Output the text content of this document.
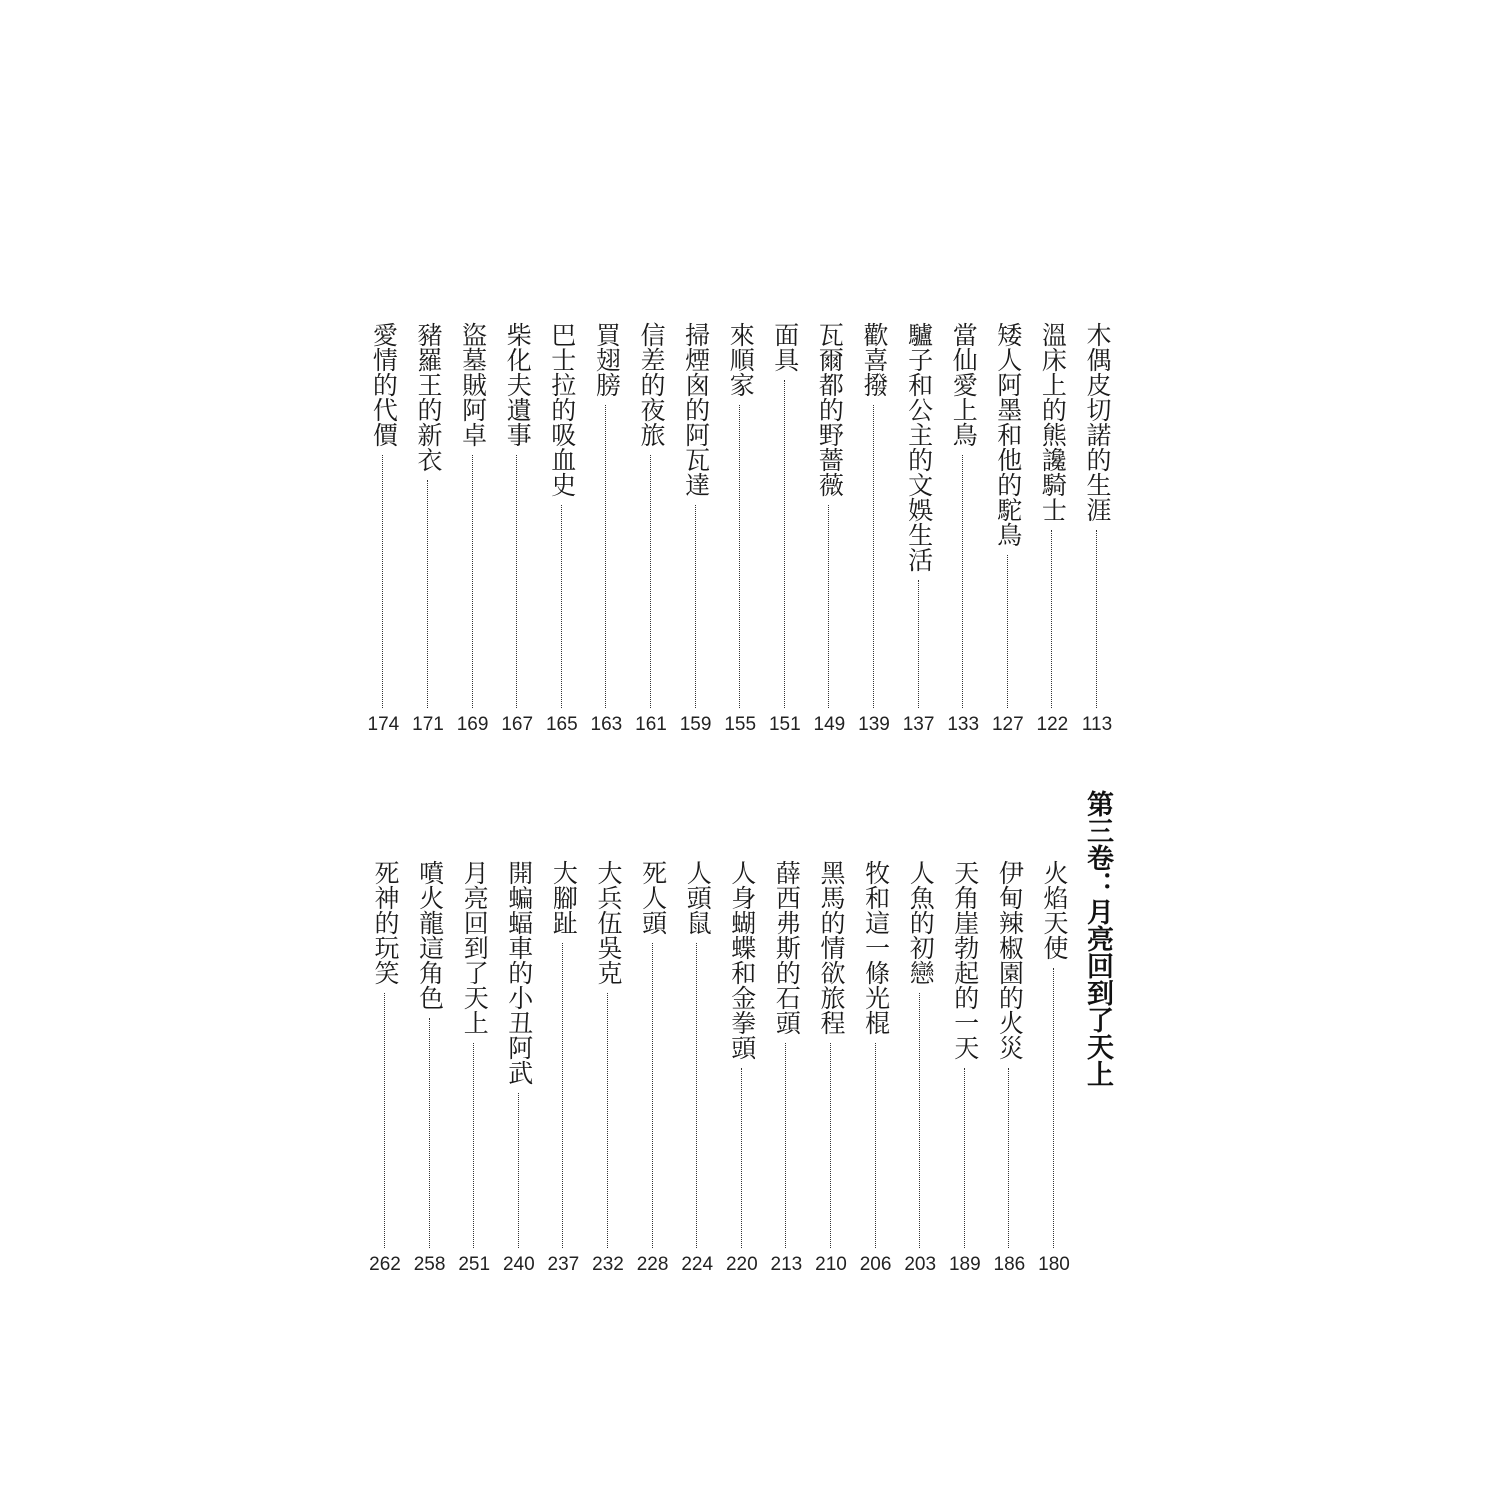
第三卷：月亮回到了天上
木偶皮切諾的生涯
113
溫床上的熊讒騎士
122
矮人阿墨和他的駝鳥
127
當仙愛上鳥
133
驢子和公主的文娛生活
137
歡喜撥
139
瓦爾都的野薔薇
149
面具
151
來順家
155
掃煙囪的阿瓦達
159
信差的夜旅
161
買翅膀
163
巴士拉的吸血史
165
柴化夫遺事
167
盜墓賊阿卓
169
豬羅王的新衣
171
愛情的代價
174
火焰天使
180
伊甸辣椒園的火災
186
天角崖勃起的一天
189
人魚的初戀
203
牧和這一條光棍
206
黑馬的情欲旅程
210
薛西弗斯的石頭
213
人身蝴蝶和金拳頭
220
人頭鼠
224
死人頭
228
大兵伍吳克
232
大腳趾
237
開蝙蝠車的小丑阿武
240
月亮回到了天上
251
噴火龍這角色
258
死神的玩笑
262
